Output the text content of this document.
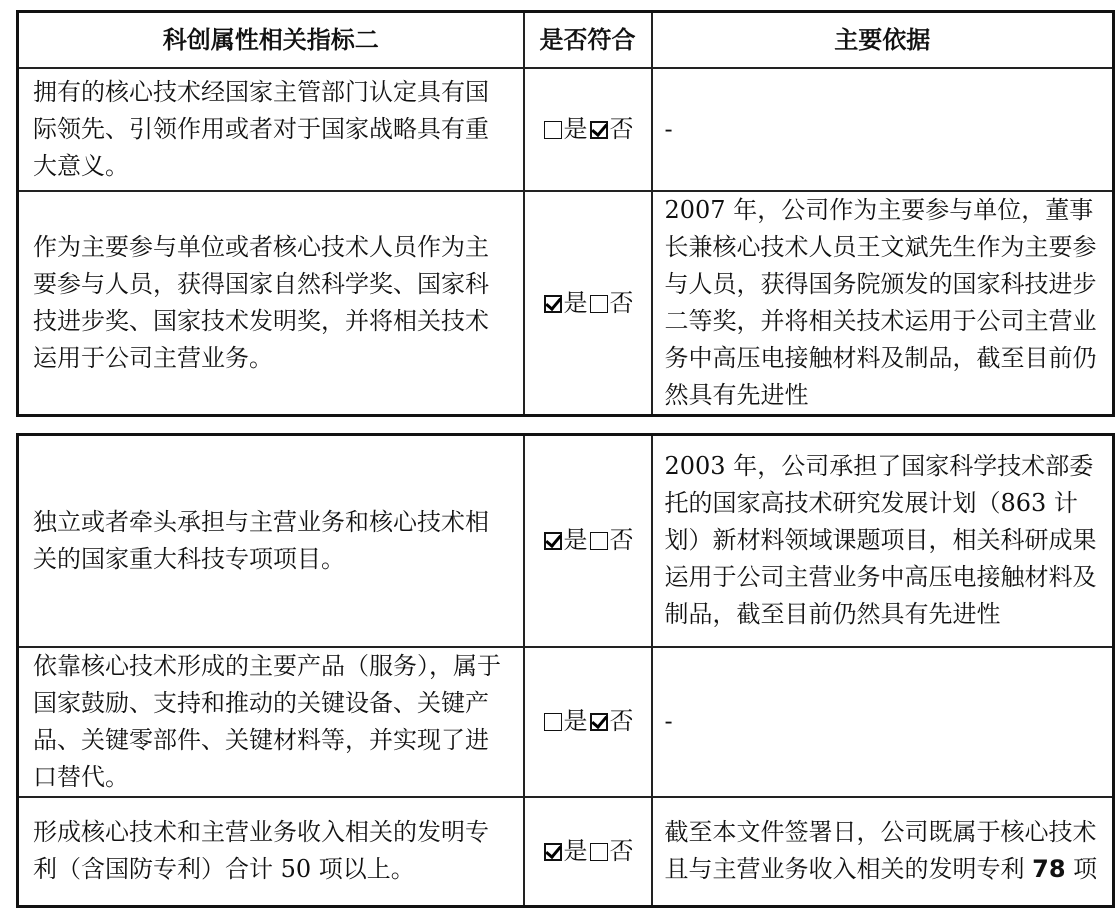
科创属性相关指标二	是否符合	主要依据
拥有的核心技术经国家主管部门认定具有国际领先、引领作用或者对于国家战略具有重大意义。	是 否	-
作为主要参与单位或者核心技术人员作为主要参与人员，获得国家自然科学奖、国家科技进步奖、国家技术发明奖，并将相关技术运用于公司主营业务。	是 否	2007 年，公司作为主要参与单位，董事长兼核心技术人员王文斌先生作为主要参与人员，获得国务院颁发的国家科技进步二等奖，并将相关技术运用于公司主营业务中高压电接触材料及制品，截至目前仍然具有先进性
独立或者牵头承担与主营业务和核心技术相关的国家重大科技专项项目。	是 否	2003 年，公司承担了国家科学技术部委托的国家高技术研究发展计划（863 计划）新材料领域课题项目，相关科研成果运用于公司主营业务中高压电接触材料及制品，截至目前仍然具有先进性
依靠核心技术形成的主要产品（服务），属于国家鼓励、支持和推动的关键设备、关键产品、关键零部件、关键材料等，并实现了进口替代。	是 否	-
形成核心技术和主营业务收入相关的发明专利（含国防专利）合计 50 项以上。	是 否	截至本文件签署日，公司既属于核心技术且与主营业务收入相关的发明专利 78 项
